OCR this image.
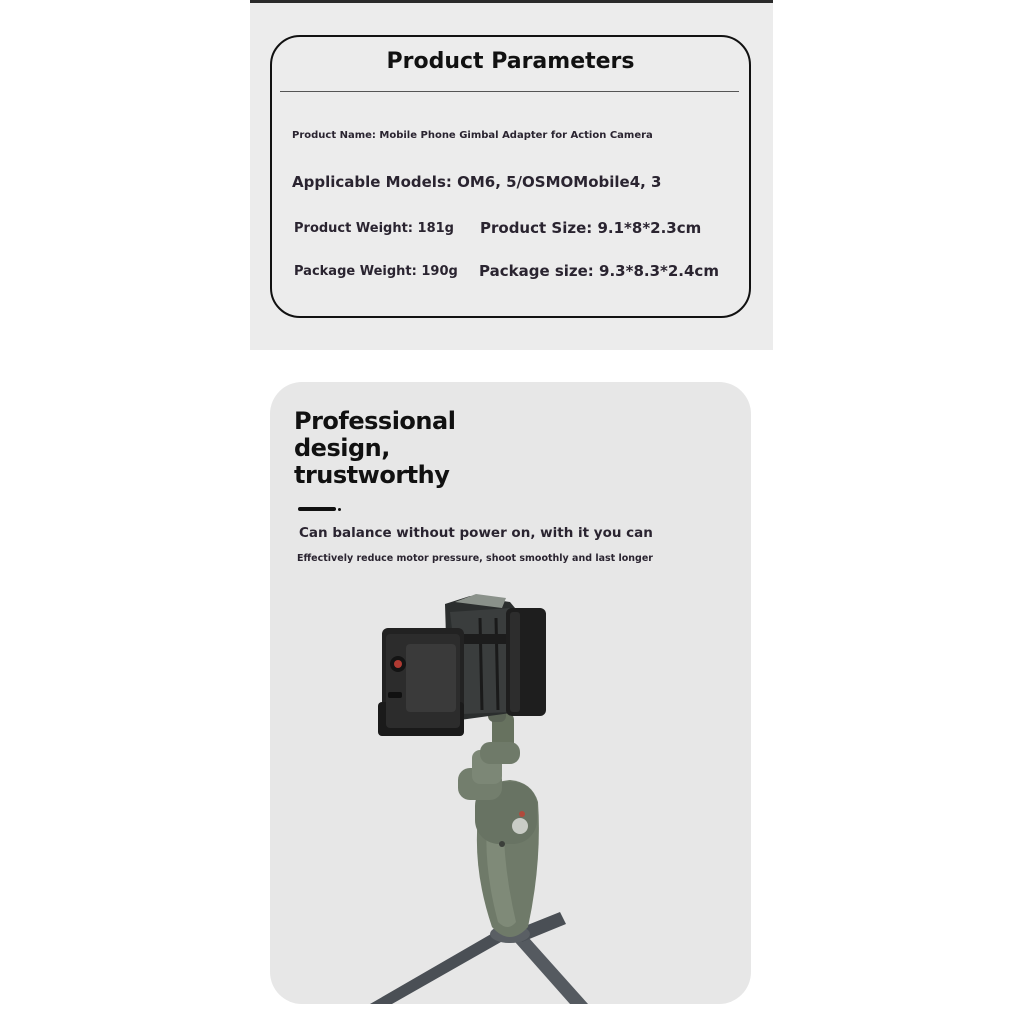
Product Parameters
Product Name: Mobile Phone Gimbal Adapter for Action Camera
Applicable Models: OM6, 5/OSMOMobile4, 3
Product Weight: 181g Product Size: 9.1*8*2.3cm
Package Weight: 190g Package size: 9.3*8.3*2.4cm
Professional
design,
trustworthy
Can balance without power on, with it you can
Effectively reduce motor pressure, shoot smoothly and last longer
